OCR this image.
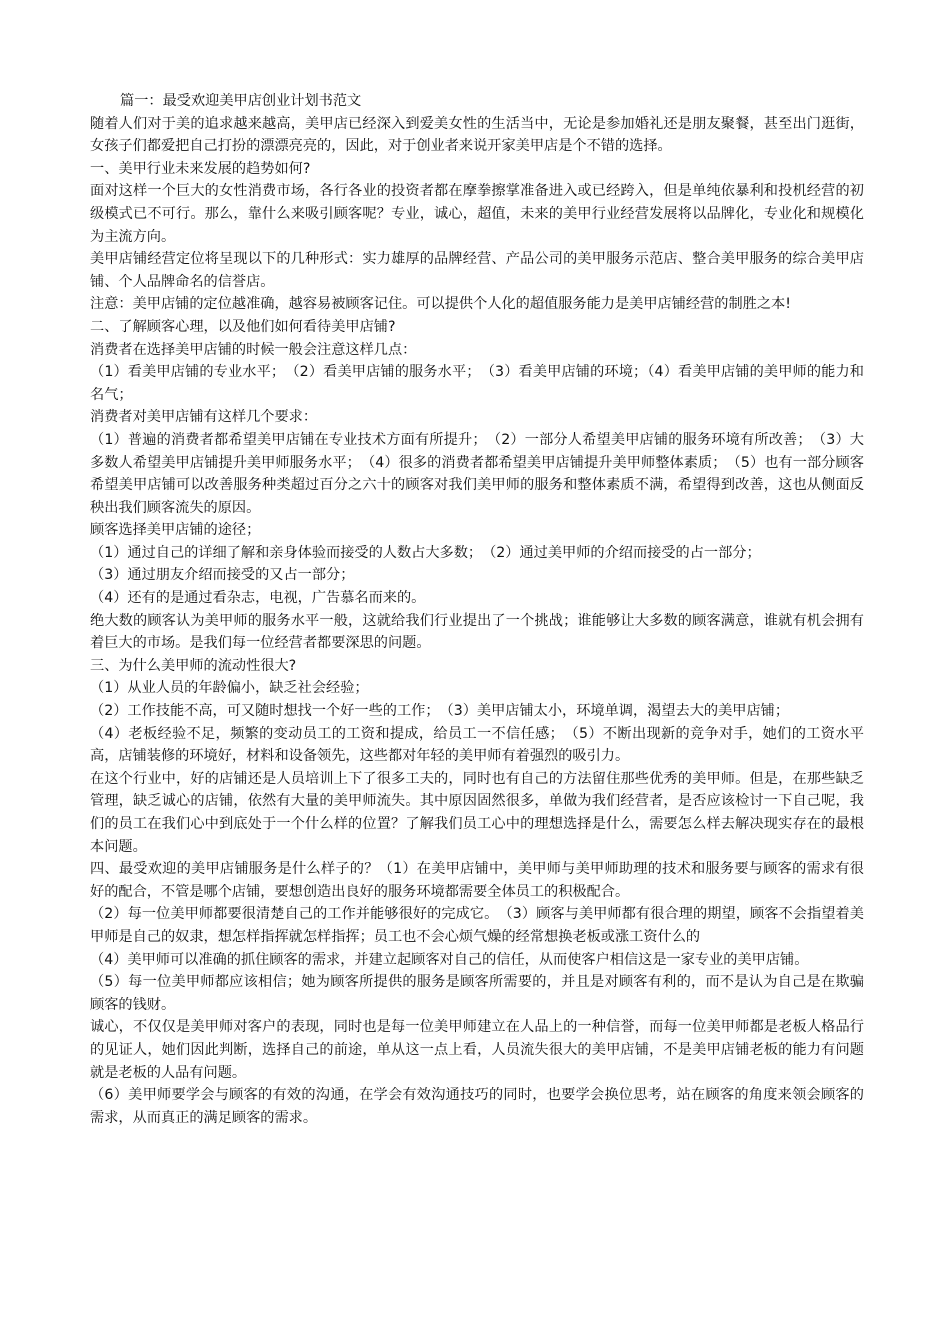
篇一：最受欢迎美甲店创业计划书范文

随着人们对于美的追求越来越高，美甲店已经深入到爱美女性的生活当中，无论是参加婚礼还是朋友聚餐，甚至出门逛街，女孩子们都爱把自己打扮的漂漂亮亮的，因此，对于创业者来说开家美甲店是个不错的选择。

一、美甲行业未来发展的趋势如何?

面对这样一个巨大的女性消费市场，各行各业的投资者都在摩拳擦掌准备进入或已经跨入，但是单纯依暴利和投机经营的初级模式已不可行。那么，靠什么来吸引顾客呢？专业，诚心，超值，未来的美甲行业经营发展将以品牌化，专业化和规模化为主流方向。

美甲店铺经营定位将呈现以下的几种形式：实力雄厚的品牌经营、产品公司的美甲服务示范店、整合美甲服务的综合美甲店铺、个人品牌命名的信誉店。

注意：美甲店铺的定位越准确，越容易被顾客记住。可以提供个人化的超值服务能力是美甲店铺经营的制胜之本!

二、了解顾客心理，以及他们如何看待美甲店铺?

消费者在选择美甲店铺的时候一般会注意这样几点：

（1）看美甲店铺的专业水平；　（2）看美甲店铺的服务水平；　（3）看美甲店铺的环境；（4）看美甲店铺的美甲师的能力和名气；

消费者对美甲店铺有这样几个要求：

（1）普遍的消费者都希望美甲店铺在专业技术方面有所提升；　（2）一部分人希望美甲店铺的服务环境有所改善；　（3）大多数人希望美甲店铺提升美甲师服务水平；　（4）很多的消费者都希望美甲店铺提升美甲师整体素质；　（5）也有一部分顾客希望美甲店铺可以改善服务种类超过百分之六十的顾客对我们美甲师的服务和整体素质不满，希望得到改善，这也从侧面反秧出我们顾客流失的原因。

顾客选择美甲店铺的途径；

（1）通过自己的详细了解和亲身体验而接受的人数占大多数；　（2）通过美甲师的介绍而接受的占一部分；

（3）通过朋友介绍而接受的又占一部分；

（4）还有的是通过看杂志，电视，广告慕名而来的。

绝大数的顾客认为美甲师的服务水平一般，这就给我们行业提出了一个挑战；谁能够让大多数的顾客满意，谁就有机会拥有着巨大的市场。是我们每一位经营者都要深思的问题。

三、为什么美甲师的流动性很大?

（1）从业人员的年龄偏小，缺乏社会经验；

（2）工作技能不高，可又随时想找一个好一些的工作；　（3）美甲店铺太小，环境单调，渴望去大的美甲店铺；

（4）老板经验不足，频繁的变动员工的工资和提成，给员工一不信任感；　（5）不断出现新的竞争对手，她们的工资水平高，店铺装修的环境好，材料和设备领先，这些都对年轻的美甲师有着强烈的吸引力。

在这个行业中，好的店铺还是人员培训上下了很多工夫的，同时也有自己的方法留住那些优秀的美甲师。但是，在那些缺乏管理，缺乏诚心的店铺，依然有大量的美甲师流失。其中原因固然很多，单做为我们经营者，是否应该检讨一下自己呢，我们的员工在我们心中到底处于一个什么样的位置？了解我们员工心中的理想选择是什么，需要怎么样去解决现实存在的最根本问题。

四、最受欢迎的美甲店铺服务是什么样子的？（1）在美甲店铺中，美甲师与美甲师助理的技术和服务要与顾客的需求有很好的配合，不管是哪个店铺，要想创造出良好的服务环境都需要全体员工的积极配合。

（2）每一位美甲师都要很清楚自己的工作并能够很好的完成它。　（3）顾客与美甲师都有很合理的期望，顾客不会指望着美甲师是自己的奴隶，想怎样指挥就怎样指挥；员工也不会心烦气燥的经常想换老板或涨工资什么的

（4）美甲师可以准确的抓住顾客的需求，并建立起顾客对自己的信任，从而使客户相信这是一家专业的美甲店铺。

（5）每一位美甲师都应该相信；她为顾客所提供的服务是顾客所需要的，并且是对顾客有利的，而不是认为自己是在欺骗顾客的钱财。

诚心，不仅仅是美甲师对客户的表现，同时也是每一位美甲师建立在人品上的一种信誉，而每一位美甲师都是老板人格品行的见证人，她们因此判断，选择自己的前途，单从这一点上看，人员流失很大的美甲店铺，不是美甲店铺老板的能力有问题就是老板的人品有问题。

（6）美甲师要学会与顾客的有效的沟通，在学会有效沟通技巧的同时，也要学会换位思考，站在顾客的角度来领会顾客的需求，从而真正的满足顾客的需求。
